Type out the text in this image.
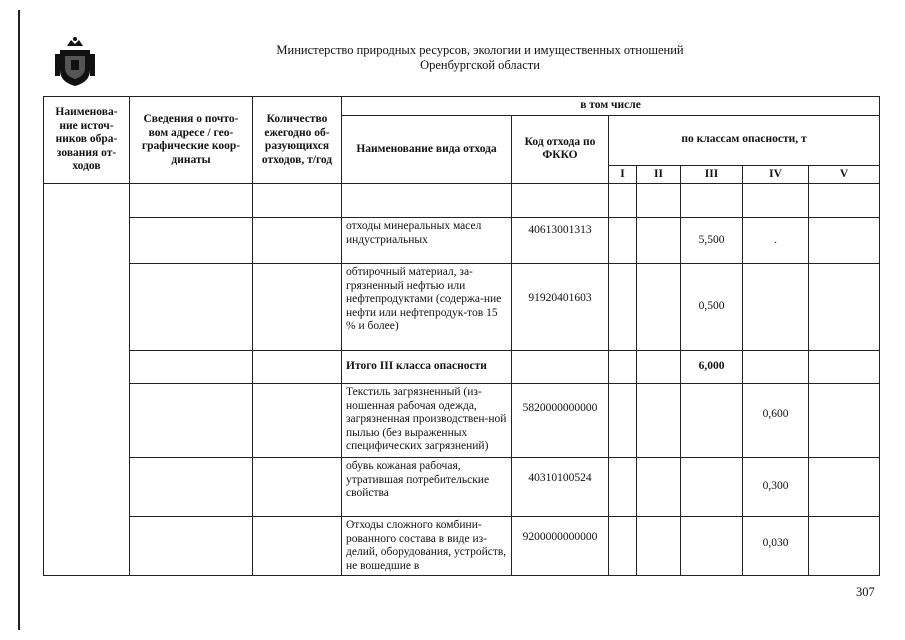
Министерство природных ресурсов, экологии и имущественных отношений
Оренбургской области
Наименова-ние источ-ников обра-зования от-ходов	Сведения о почто-вом адресе / гео-графические коор-динаты	Количество ежегодно об-разующихся отходов, т/год	в том числе						
			Наименование вида отхода	Код отхода по ФККО	по классам опасности, т				
					I	II	III	IV	V

			отходы минеральных масел индустриальных	40613001313			5,500	.	
			обтирочный материал, за-грязненный нефтью или нефтепродуктами (содержа-ние нефти или нефтепродук-тов 15 % и более)	91920401603			0,500		
			Итого III класса опасности				6,000		
			Текстиль загрязненный (из-ношенная рабочая одежда, загрязненная производствен-ной пылью (без выраженных специфических загрязнений)	5820000000000				0,600	
			обувь кожаная рабочая, утратившая потребительские свойства	40310100524				0,300	
			Отходы сложного комбини-рованного состава в виде из-делий, оборудования, устройств, не вошедшие в	9200000000000				0,030	
307
